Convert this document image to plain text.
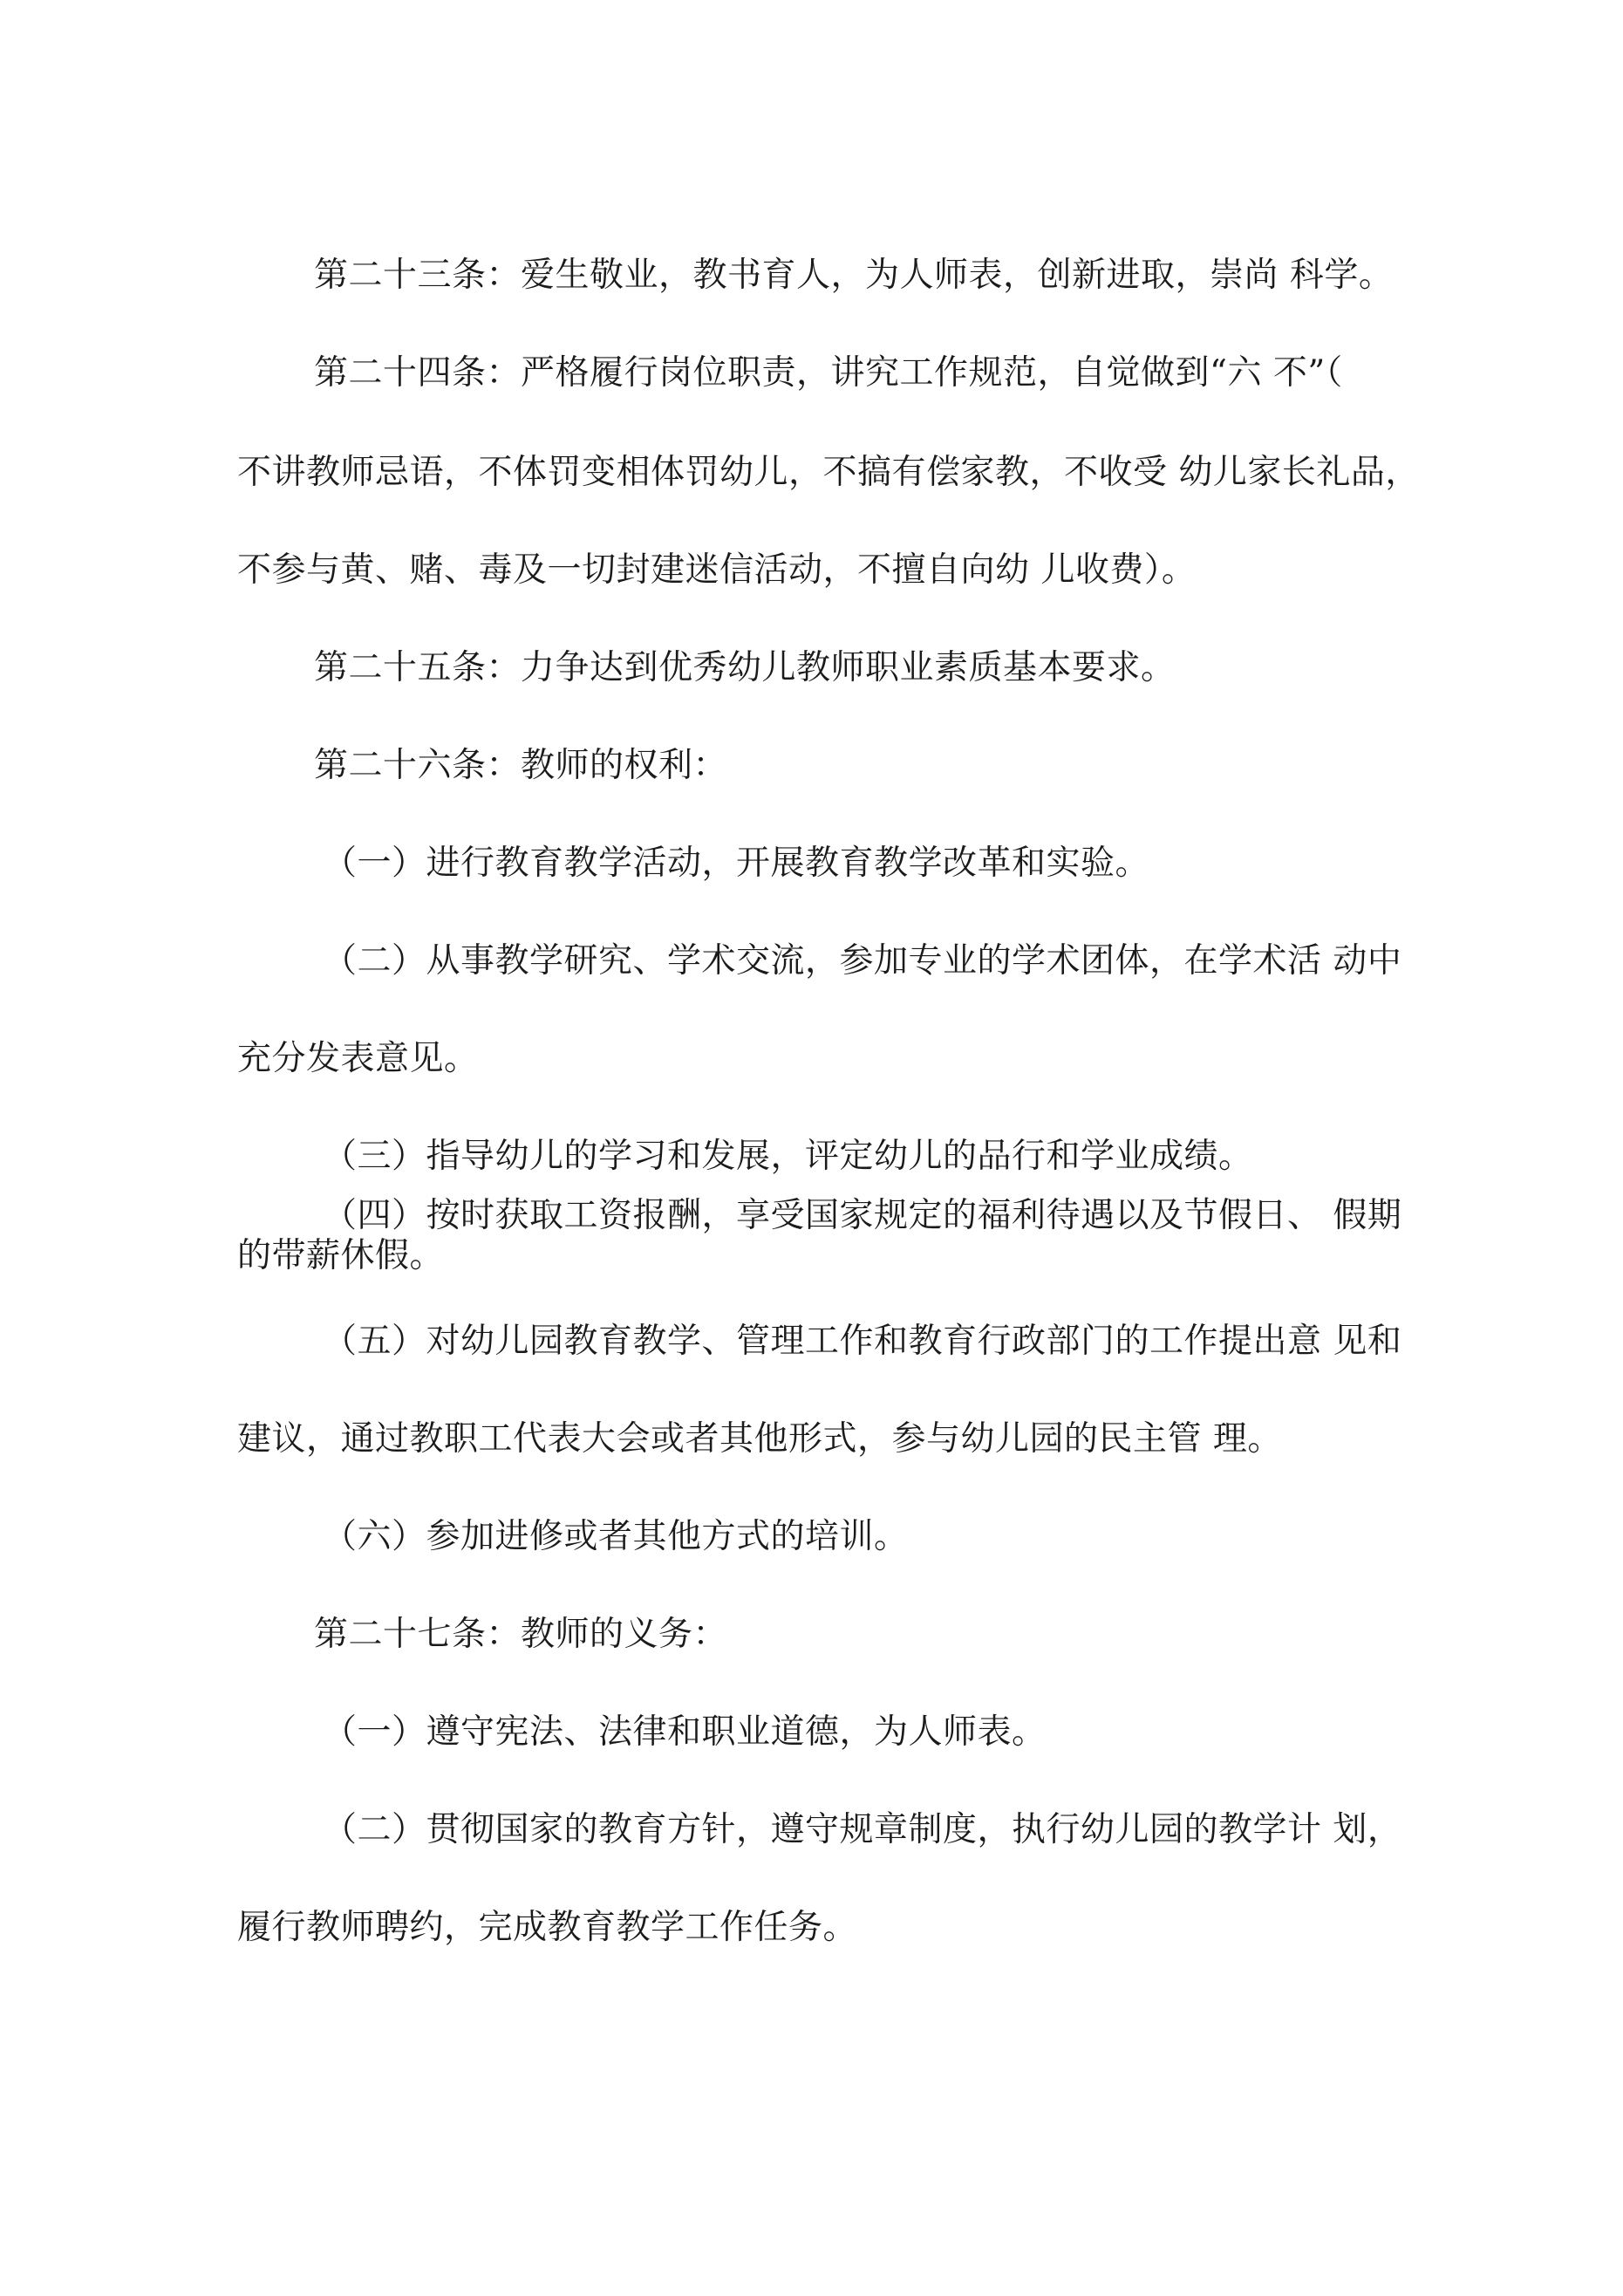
第二十三条：爱生敬业，教书育人，为人师表，创新进取，崇尚 科学。
第二十四条：严格履行岗位职责，讲究工作规范，自觉做到“六 不”（
不讲教师忌语，不体罚变相体罚幼儿，不搞有偿家教，不收受 幼儿家长礼品，
不参与黄、赌、毒及一切封建迷信活动，不擅自向幼 儿收费）。
第二十五条：力争达到优秀幼儿教师职业素质基本要求。
第二十六条：教师的权利：
（一）进行教育教学活动，开展教育教学改革和实验。
（二）从事教学研究、学术交流，参加专业的学术团体，在学术活 动中
充分发表意见。
（三）指导幼儿的学习和发展，评定幼儿的品行和学业成绩。
（四）按时获取工资报酬，享受国家规定的福利待遇以及节假日、 假期
的带薪休假。
（五）对幼儿园教育教学、管理工作和教育行政部门的工作提出意 见和
建议，通过教职工代表大会或者其他形式，参与幼儿园的民主管 理。
（六）参加进修或者其他方式的培训。
第二十七条：教师的义务：
（一）遵守宪法、法律和职业道德，为人师表。
（二）贯彻国家的教育方针，遵守规章制度，执行幼儿园的教学计 划，
履行教师聘约，完成教育教学工作任务。
